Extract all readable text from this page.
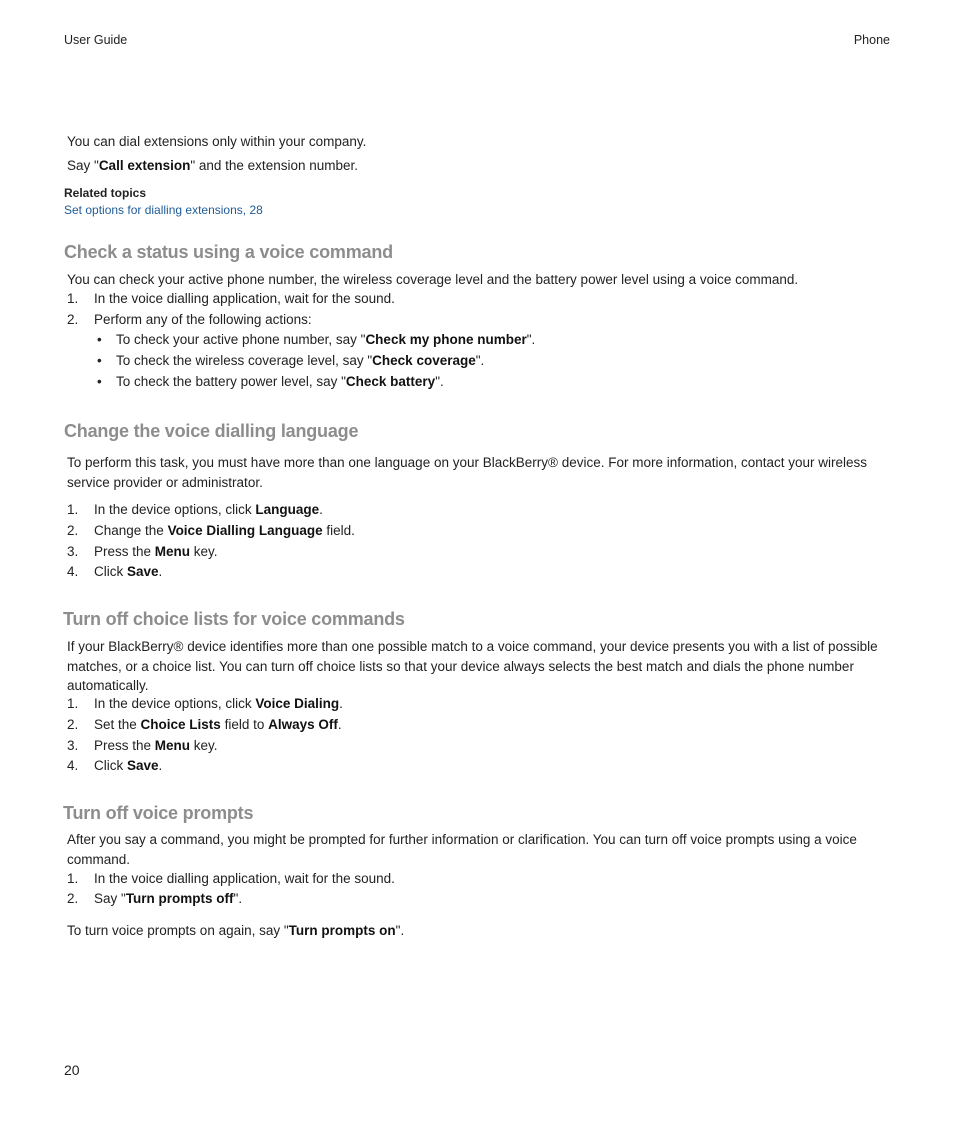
User Guide	Phone
You can dial extensions only within your company.
Say "Call extension" and the extension number.
Related topics
Set options for dialling extensions, 28
Check a status using a voice command
You can check your active phone number, the wireless coverage level and the battery power level using a voice command.
1. In the voice dialling application, wait for the sound.
2. Perform any of the following actions:
• To check your active phone number, say "Check my phone number".
• To check the wireless coverage level, say "Check coverage".
• To check the battery power level, say "Check battery".
Change the voice dialling language
To perform this task, you must have more than one language on your BlackBerry® device. For more information, contact your wireless service provider or administrator.
1. In the device options, click Language.
2. Change the Voice Dialling Language field.
3. Press the Menu key.
4. Click Save.
Turn off choice lists for voice commands
If your BlackBerry® device identifies more than one possible match to a voice command, your device presents you with a list of possible matches, or a choice list. You can turn off choice lists so that your device always selects the best match and dials the phone number automatically.
1. In the device options, click Voice Dialing.
2. Set the Choice Lists field to Always Off.
3. Press the Menu key.
4. Click Save.
Turn off voice prompts
After you say a command, you might be prompted for further information or clarification. You can turn off voice prompts using a voice command.
1. In the voice dialling application, wait for the sound.
2. Say "Turn prompts off".
To turn voice prompts on again, say "Turn prompts on".
20
